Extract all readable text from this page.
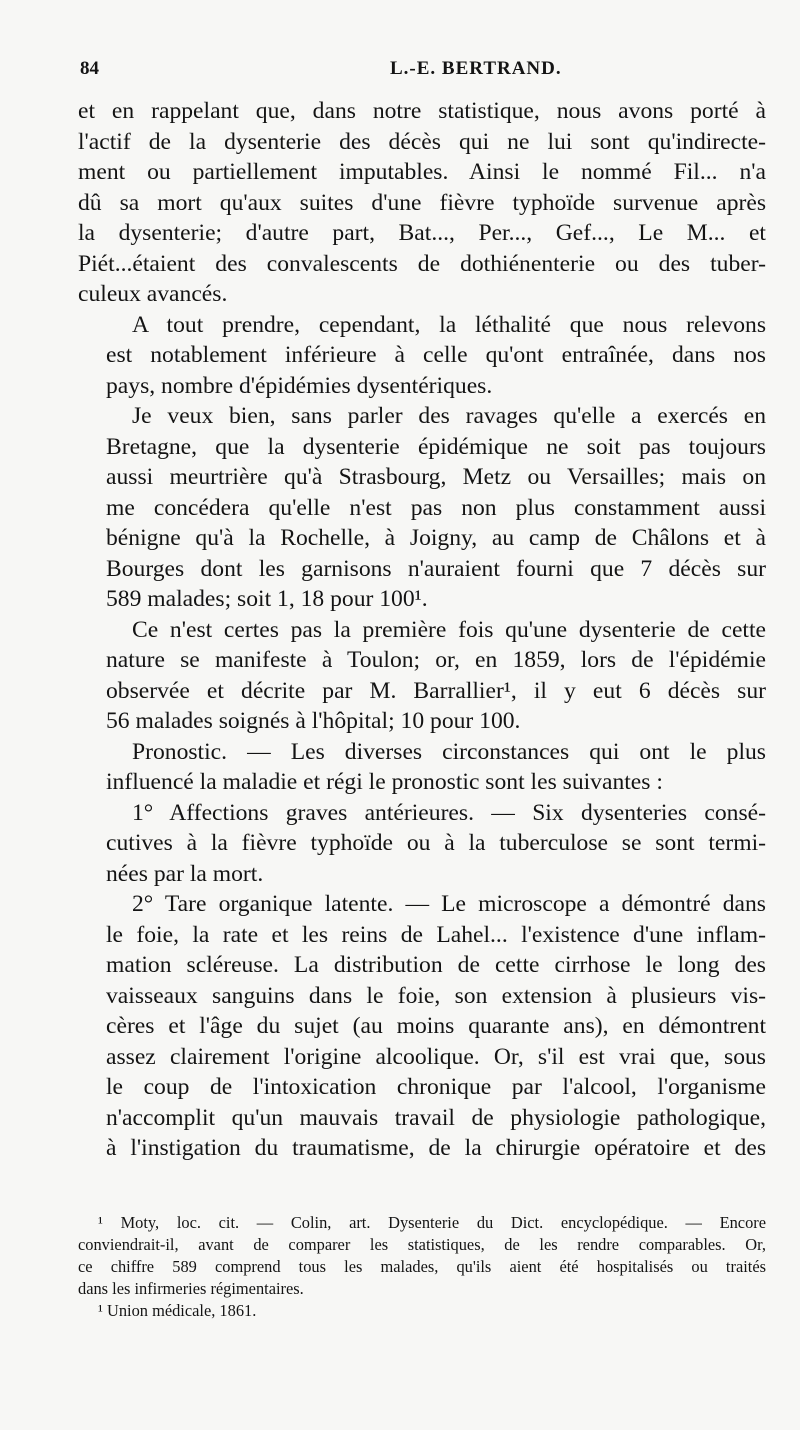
84	L.-E. BERTRAND.

et en rappelant que, dans notre statistique, nous avons porté à
l'actif de la dysenterie des décès qui ne lui sont qu'indirecte-
ment ou partiellement imputables. Ainsi le nommé Fil... n'a
dû sa mort qu'aux suites d'une fièvre typhoïde survenue après
la dysenterie; d'autre part, Bat..., Per..., Gef..., Le M... et
Piét...étaient des convalescents de dothiénenterie ou des tuber-
culeux avancés.

A tout prendre, cependant, la léthalité que nous relevons
est notablement inférieure à celle qu'ont entraînée, dans nos
pays, nombre d'épidémies dysentériques.

Je veux bien, sans parler des ravages qu'elle a exercés en
Bretagne, que la dysenterie épidémique ne soit pas toujours
aussi meurtrière qu'à Strasbourg, Metz ou Versailles; mais on
me concédera qu'elle n'est pas non plus constamment aussi
bénigne qu'à la Rochelle, à Joigny, au camp de Châlons et à
Bourges dont les garnisons n'auraient fourni que 7 décès sur
589 malades; soit 1, 18 pour 100¹.

Ce n'est certes pas la première fois qu'une dysenterie de cette
nature se manifeste à Toulon; or, en 1859, lors de l'épidémie
observée et décrite par M. Barrallier¹, il y eut 6 décès sur
56 malades soignés à l'hôpital; 10 pour 100.

Pronostic. — Les diverses circonstances qui ont le plus
influencé la maladie et régi le pronostic sont les suivantes :

1° Affections graves antérieures. — Six dysenteries consé-
cutives à la fièvre typhoïde ou à la tuberculose se sont termi-
nées par la mort.

2° Tare organique latente. — Le microscope a démontré dans
le foie, la rate et les reins de Lahel... l'existence d'une inflam-
mation scléreuse. La distribution de cette cirrhose le long des
vaisseaux sanguins dans le foie, son extension à plusieurs vis-
cères et l'âge du sujet (au moins quarante ans), en démontrent
assez clairement l'origine alcoolique. Or, s'il est vrai que, sous
le coup de l'intoxication chronique par l'alcool, l'organisme
n'accomplit qu'un mauvais travail de physiologie pathologique,
à l'instigation du traumatisme, de la chirurgie opératoire et des

¹ Moty, loc. cit. — Colin, art. Dysenterie du Dict. encyclopédique. — Encore
conviendrait-il, avant de comparer les statistiques, de les rendre comparables. Or,
ce chiffre 589 comprend tous les malades, qu'ils aient été hospitalisés ou traités
dans les infirmeries régimentaires.
¹ Union médicale, 1861.
